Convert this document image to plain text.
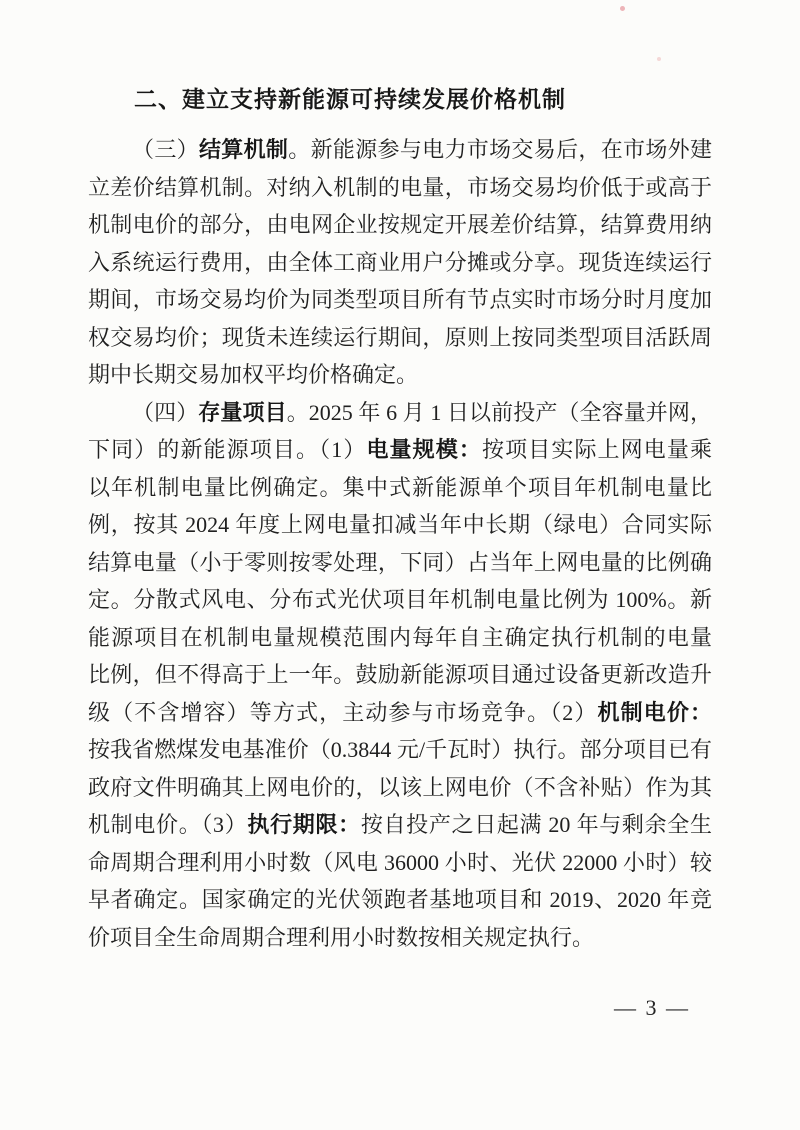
二、建立支持新能源可持续发展价格机制
（三）结算机制。新能源参与电力市场交易后，在市场外建
立差价结算机制。对纳入机制的电量，市场交易均价低于或高于
机制电价的部分，由电网企业按规定开展差价结算，结算费用纳
入系统运行费用，由全体工商业用户分摊或分享。现货连续运行
期间，市场交易均价为同类型项目所有节点实时市场分时月度加
权交易均价；现货未连续运行期间，原则上按同类型项目活跃周
期中长期交易加权平均价格确定。
（四）存量项目。2025 年 6 月 1 日以前投产（全容量并网，
下同）的新能源项目。（1）电量规模：按项目实际上网电量乘
以年机制电量比例确定。集中式新能源单个项目年机制电量比
例，按其 2024 年度上网电量扣减当年中长期（绿电）合同实际
结算电量（小于零则按零处理，下同）占当年上网电量的比例确
定。分散式风电、分布式光伏项目年机制电量比例为 100%。新
能源项目在机制电量规模范围内每年自主确定执行机制的电量
比例，但不得高于上一年。鼓励新能源项目通过设备更新改造升
级（不含增容）等方式，主动参与市场竞争。（2）机制电价：
按我省燃煤发电基准价（0.3844 元/千瓦时）执行。部分项目已有
政府文件明确其上网电价的，以该上网电价（不含补贴）作为其
机制电价。（3）执行期限：按自投产之日起满 20 年与剩余全生
命周期合理利用小时数（风电 36000 小时、光伏 22000 小时）较
早者确定。国家确定的光伏领跑者基地项目和 2019、2020 年竞
价项目全生命周期合理利用小时数按相关规定执行。
— 3 —
